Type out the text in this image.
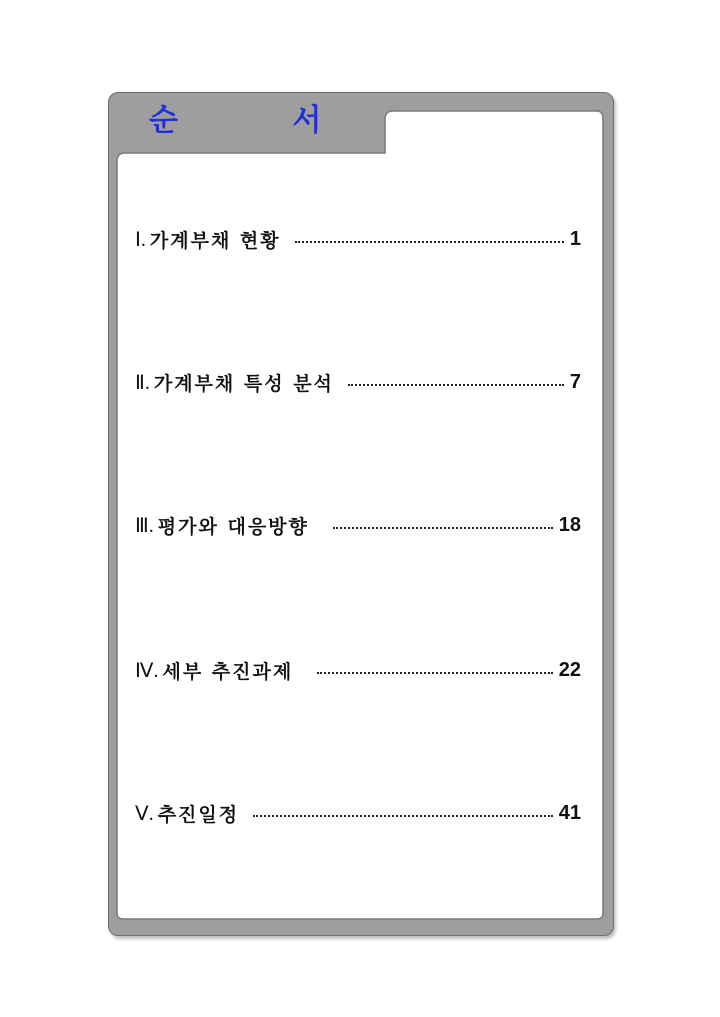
순 서
Ⅰ. 가계부채 현황	1
Ⅱ. 가계부채 특성 분석	7
Ⅲ. 평가와 대응방향	18
Ⅳ. 세부 추진과제	22
Ⅴ. 추진일정	41
